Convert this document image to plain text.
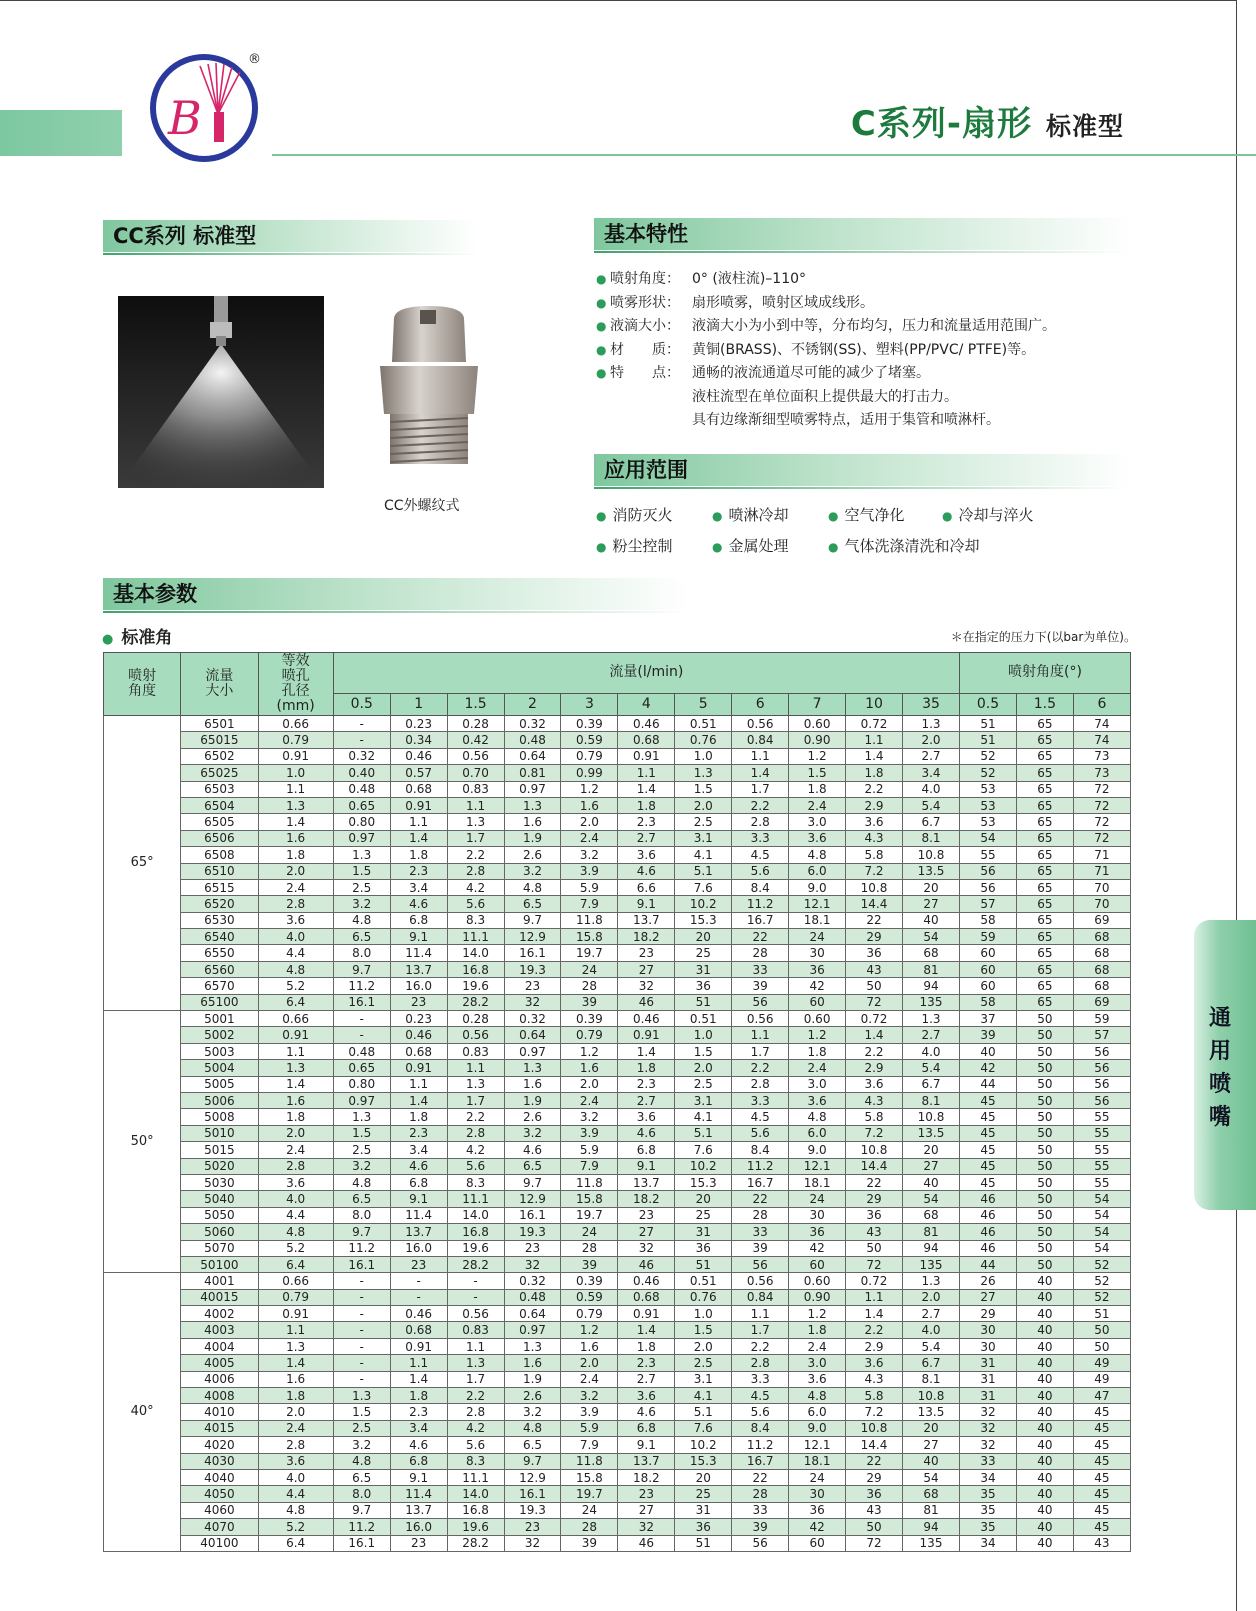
B
®
C系列-扇形 标准型
CC系列 标准型	基本特性
应用范围
基本参数
CC外螺纹式
● 喷射角度： 0° (液柱流)–110°
● 喷雾形状： 扇形喷雾，喷射区域成线形。
● 液滴大小： 液滴大小为小到中等，分布均匀，压力和流量适用范围广。
● 材　　质： 黄铜(BRASS)、不锈钢(SS)、塑料(PP/PVC/ PTFE)等。
● 特　　点： 通畅的液流通道尽可能的减少了堵塞。
液柱流型在单位面积上提供最大的打击力。
具有边缘渐细型喷雾特点，适用于集管和喷淋杆。
● 消防灭火	● 喷淋冷却	● 空气净化	● 冷却与淬火
● 粉尘控制	● 金属处理	● 气体洗涤清洗和冷却
● 标准角	＊在指定的压力下(以bar为单位)。
喷射
角度	流量
大小	等效
喷孔
孔径
(mm)	流量(l/min)											喷射角度(°)		
			0.5	1	1.5	2	3	4	5	6	7	10	35	0.5	1.5	6
65°	6501	0.66	-	0.23	0.28	0.32	0.39	0.46	0.51	0.56	0.60	0.72	1.3	51	65	74
	65015	0.79	-	0.34	0.42	0.48	0.59	0.68	0.76	0.84	0.90	1.1	2.0	51	65	74
	6502	0.91	0.32	0.46	0.56	0.64	0.79	0.91	1.0	1.1	1.2	1.4	2.7	52	65	73
	65025	1.0	0.40	0.57	0.70	0.81	0.99	1.1	1.3	1.4	1.5	1.8	3.4	52	65	73
	6503	1.1	0.48	0.68	0.83	0.97	1.2	1.4	1.5	1.7	1.8	2.2	4.0	53	65	72
	6504	1.3	0.65	0.91	1.1	1.3	1.6	1.8	2.0	2.2	2.4	2.9	5.4	53	65	72
	6505	1.4	0.80	1.1	1.3	1.6	2.0	2.3	2.5	2.8	3.0	3.6	6.7	53	65	72
	6506	1.6	0.97	1.4	1.7	1.9	2.4	2.7	3.1	3.3	3.6	4.3	8.1	54	65	72
	6508	1.8	1.3	1.8	2.2	2.6	3.2	3.6	4.1	4.5	4.8	5.8	10.8	55	65	71
	6510	2.0	1.5	2.3	2.8	3.2	3.9	4.6	5.1	5.6	6.0	7.2	13.5	56	65	71
	6515	2.4	2.5	3.4	4.2	4.8	5.9	6.6	7.6	8.4	9.0	10.8	20	56	65	70
	6520	2.8	3.2	4.6	5.6	6.5	7.9	9.1	10.2	11.2	12.1	14.4	27	57	65	70
	6530	3.6	4.8	6.8	8.3	9.7	11.8	13.7	15.3	16.7	18.1	22	40	58	65	69
	6540	4.0	6.5	9.1	11.1	12.9	15.8	18.2	20	22	24	29	54	59	65	68
	6550	4.4	8.0	11.4	14.0	16.1	19.7	23	25	28	30	36	68	60	65	68
	6560	4.8	9.7	13.7	16.8	19.3	24	27	31	33	36	43	81	60	65	68
	6570	5.2	11.2	16.0	19.6	23	28	32	36	39	42	50	94	60	65	68
	65100	6.4	16.1	23	28.2	32	39	46	51	56	60	72	135	58	65	69
50°	5001	0.66	-	0.23	0.28	0.32	0.39	0.46	0.51	0.56	0.60	0.72	1.3	37	50	59
	5002	0.91	-	0.46	0.56	0.64	0.79	0.91	1.0	1.1	1.2	1.4	2.7	39	50	57
	5003	1.1	0.48	0.68	0.83	0.97	1.2	1.4	1.5	1.7	1.8	2.2	4.0	40	50	56
	5004	1.3	0.65	0.91	1.1	1.3	1.6	1.8	2.0	2.2	2.4	2.9	5.4	42	50	56
	5005	1.4	0.80	1.1	1.3	1.6	2.0	2.3	2.5	2.8	3.0	3.6	6.7	44	50	56
	5006	1.6	0.97	1.4	1.7	1.9	2.4	2.7	3.1	3.3	3.6	4.3	8.1	45	50	56
	5008	1.8	1.3	1.8	2.2	2.6	3.2	3.6	4.1	4.5	4.8	5.8	10.8	45	50	55
	5010	2.0	1.5	2.3	2.8	3.2	3.9	4.6	5.1	5.6	6.0	7.2	13.5	45	50	55
	5015	2.4	2.5	3.4	4.2	4.6	5.9	6.8	7.6	8.4	9.0	10.8	20	45	50	55
	5020	2.8	3.2	4.6	5.6	6.5	7.9	9.1	10.2	11.2	12.1	14.4	27	45	50	55
	5030	3.6	4.8	6.8	8.3	9.7	11.8	13.7	15.3	16.7	18.1	22	40	45	50	55
	5040	4.0	6.5	9.1	11.1	12.9	15.8	18.2	20	22	24	29	54	46	50	54
	5050	4.4	8.0	11.4	14.0	16.1	19.7	23	25	28	30	36	68	46	50	54
	5060	4.8	9.7	13.7	16.8	19.3	24	27	31	33	36	43	81	46	50	54
	5070	5.2	11.2	16.0	19.6	23	28	32	36	39	42	50	94	46	50	54
	50100	6.4	16.1	23	28.2	32	39	46	51	56	60	72	135	44	50	52
40°	4001	0.66	-	-	-	0.32	0.39	0.46	0.51	0.56	0.60	0.72	1.3	26	40	52
	40015	0.79	-	-	-	0.48	0.59	0.68	0.76	0.84	0.90	1.1	2.0	27	40	52
	4002	0.91	-	0.46	0.56	0.64	0.79	0.91	1.0	1.1	1.2	1.4	2.7	29	40	51
	4003	1.1	-	0.68	0.83	0.97	1.2	1.4	1.5	1.7	1.8	2.2	4.0	30	40	50
	4004	1.3	-	0.91	1.1	1.3	1.6	1.8	2.0	2.2	2.4	2.9	5.4	30	40	50
	4005	1.4	-	1.1	1.3	1.6	2.0	2.3	2.5	2.8	3.0	3.6	6.7	31	40	49
	4006	1.6	-	1.4	1.7	1.9	2.4	2.7	3.1	3.3	3.6	4.3	8.1	31	40	49
	4008	1.8	1.3	1.8	2.2	2.6	3.2	3.6	4.1	4.5	4.8	5.8	10.8	31	40	47
	4010	2.0	1.5	2.3	2.8	3.2	3.9	4.6	5.1	5.6	6.0	7.2	13.5	32	40	45
	4015	2.4	2.5	3.4	4.2	4.8	5.9	6.8	7.6	8.4	9.0	10.8	20	32	40	45
	4020	2.8	3.2	4.6	5.6	6.5	7.9	9.1	10.2	11.2	12.1	14.4	27	32	40	45
	4030	3.6	4.8	6.8	8.3	9.7	11.8	13.7	15.3	16.7	18.1	22	40	33	40	45
	4040	4.0	6.5	9.1	11.1	12.9	15.8	18.2	20	22	24	29	54	34	40	45
	4050	4.4	8.0	11.4	14.0	16.1	19.7	23	25	28	30	36	68	35	40	45
	4060	4.8	9.7	13.7	16.8	19.3	24	27	31	33	36	43	81	35	40	45
	4070	5.2	11.2	16.0	19.6	23	28	32	36	39	42	50	94	35	40	45
	40100	6.4	16.1	23	28.2	32	39	46	51	56	60	72	135	34	40	43
通用喷嘴
